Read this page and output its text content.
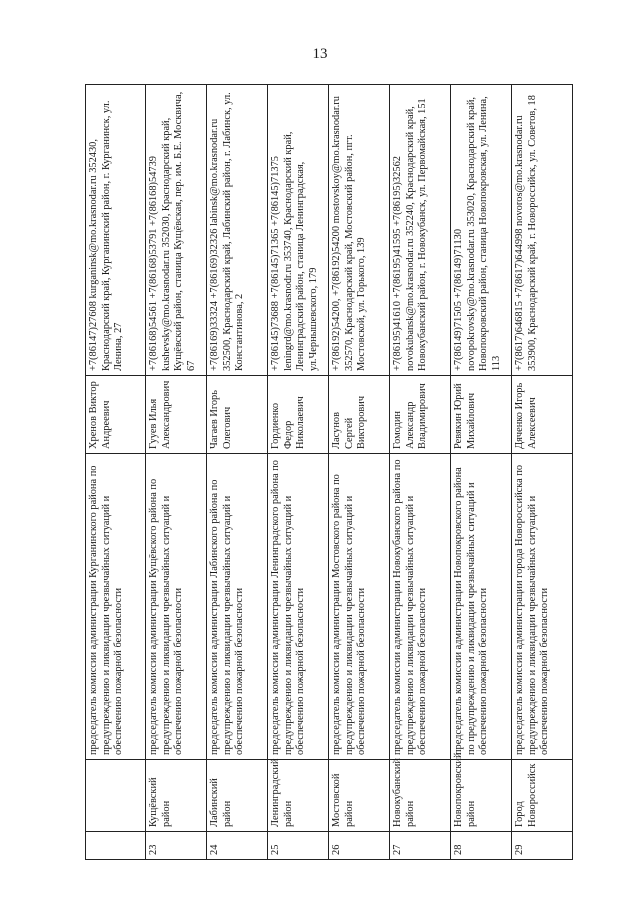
13
		председатель комиссии администрации Курганинского района по предупреждению и ликвидации чрезвычайных ситуаций и обеспечению пожарной безопасности	Хренов Виктор Андреевич	+7(86147)27608 kurganinsk@mo.krasnodar.ru 352430, Краснодарский край, Курганинский район, г. Курганинск, ул. Ленина, 27
23	Кущёвский район	председатель комиссии администрации Кущёвского района по предупреждению и ликвидации чрезвычайных ситуаций и обеспечению пожарной безопасности	Гууев Илья Александрович	+7(86168)54561 +7(86168)53791 +7(86168)54739 kushevsky@mo.krasnodar.ru 352030, Краснодарский край, Кущёвский район, станица Кущёвская, пер. им. Б.Е. Москвича, 67
24	Лабинский район	председатель комиссии администрации Лабинского района по предупреждению и ликвидации чрезвычайных ситуаций и обеспечению пожарной безопасности	Чагаев Игорь Олегович	+7(86169)33324 +7(86169)32326 labinsk@mo.krasnodar.ru 352500, Краснодарский край, Лабинский район, г. Лабинск, ул. Константинова, 2
25	Ленинградский район	председатель комиссии администрации Ленинградского района по предупреждению и ликвидации чрезвычайных ситуаций и обеспечению пожарной безопасности	Гордиенко Федор Николаевич	+7(86145)73688 +7(86145)71365 +7(86145)71375 leningrd@mo.krasnodr.ru 353740, Краснодарский край, Ленинградский район, станица Ленинградская, ул.Чернышевского, 179
26	Мостовской район	председатель комиссии администрации Мостовского района по предупреждению и ликвидации чрезвычайных ситуаций и обеспечению пожарной безопасности	Ласунов Сергей Викторович	+7(86192)54200, +7(86192)54200 mostovskoy@mo.krasnodar.ru 352570, Краснодарский край, Мостовский район, пгт. Мостовской, ул. Горького, 139
27	Новокубанский район	председатель комиссии администрации Новокубанского района по предупреждению и ликвидации чрезвычайных ситуаций и обеспечению пожарной безопасности	Гомодин Александр Владимирович	+7(86195)41610 +7(86195)41595 +7(86195)32562 novokubansk@mo.krasnodar.ru 352240, Краснодарский край, Новокубанский район, г. Новокубанск, ул. Первомайская, 151
28	Новопокровский район	председатель комиссии администрации Новопокровского района по предупреждению и ликвидации чрезвычайных ситуаций и обеспечению пожарной безопасности	Ревякин Юрий Михайлович	+7(86149)71505 +7(86149)71130 novopokrovsky@mo.krasnodar.ru 353020, Краснодарский край, Новопокровский район, станица Новопокровская, ул. Ленина, 113
29	Город Новороссийск	председатель комиссии администрации города Новороссийска по предупреждению и ликвидации чрезвычайных ситуаций и обеспечению пожарной безопасности	Дяченко Игорь Алексеевич	+7(8617)646815 +7(8617)644998 novoros@mo.krasnodar.ru 353900, Краснодарский край, г. Новороссийск, ул. Советов, 18
